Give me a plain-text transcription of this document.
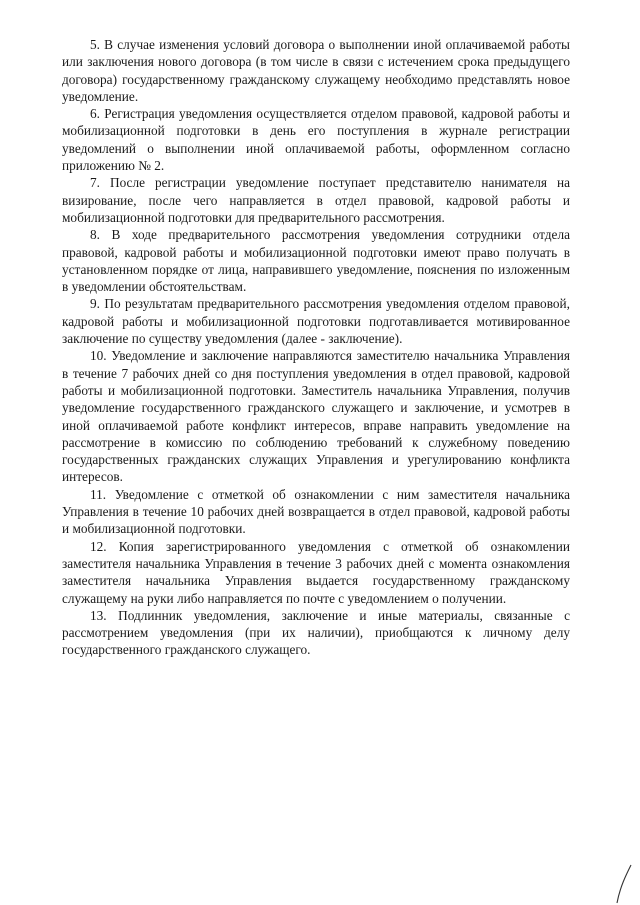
5. В случае изменения условий договора о выполнении иной оплачиваемой работы или заключения нового договора (в том числе в связи с истечением срока предыдущего договора) государственному гражданскому служащему необходимо представлять новое уведомление.

6. Регистрация уведомления осуществляется отделом правовой, кадровой работы и мобилизационной подготовки в день его поступления в журнале регистрации уведомлений о выполнении иной оплачиваемой работы, оформленном согласно приложению № 2.

7. После регистрации уведомление поступает представителю нанимателя на визирование, после чего направляется в отдел правовой, кадровой работы и мобилизационной подготовки для предварительного рассмотрения.

8. В ходе предварительного рассмотрения уведомления сотрудники отдела правовой, кадровой работы и мобилизационной подготовки имеют право получать в установленном порядке от лица, направившего уведомление, пояснения по изложенным в уведомлении обстоятельствам.

9. По результатам предварительного рассмотрения уведомления отделом правовой, кадровой работы и мобилизационной подготовки подготавливается мотивированное заключение по существу уведомления (далее - заключение).

10. Уведомление и заключение направляются заместителю начальника Управления в течение 7 рабочих дней со дня поступления уведомления в отдел правовой, кадровой работы и мобилизационной подготовки. Заместитель начальника Управления, получив уведомление государственного гражданского служащего и заключение, и усмотрев в иной оплачиваемой работе конфликт интересов, вправе направить уведомление на рассмотрение в комиссию по соблюдению требований к служебному поведению государственных гражданских служащих Управления и урегулированию конфликта интересов.

11. Уведомление с отметкой об ознакомлении с ним заместителя начальника Управления в течение 10 рабочих дней возвращается в отдел правовой, кадровой работы и мобилизационной подготовки.

12. Копия зарегистрированного уведомления с отметкой об ознакомлении заместителя начальника Управления в течение 3 рабочих дней с момента ознакомления заместителя начальника Управления выдается государственному гражданскому служащему на руки либо направляется по почте с уведомлением о получении.

13. Подлинник уведомления, заключение и иные материалы, связанные с рассмотрением уведомления (при их наличии), приобщаются к личному делу государственного гражданского служащего.
